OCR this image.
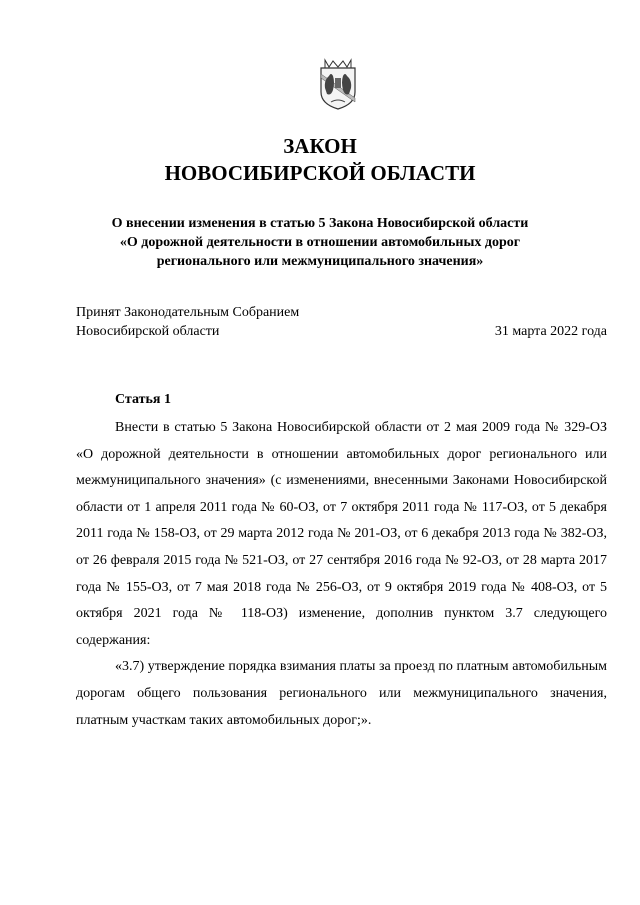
ЗАКОН
НОВОСИБИРСКОЙ ОБЛАСТИ
О внесении изменения в статью 5 Закона Новосибирской области
«О дорожной деятельности в отношении автомобильных дорог
регионального или межмуниципального значения»
Принят Законодательным Собранием
Новосибирской области	31 марта 2022 года
Статья 1

Внести в статью 5 Закона Новосибирской области от 2 мая 2009 года № 329-ОЗ «О дорожной деятельности в отношении автомобильных дорог регионального или межмуниципального значения» (с изменениями, внесенными Законами Новосибирской области от 1 апреля 2011 года № 60-ОЗ, от 7 октября 2011 года № 117-ОЗ, от 5 декабря 2011 года № 158-ОЗ, от 29 марта 2012 года № 201-ОЗ, от 6 декабря 2013 года № 382-ОЗ, от 26 февраля 2015 года № 521-ОЗ, от 27 сентября 2016 года № 92-ОЗ, от 28 марта 2017 года № 155-ОЗ, от 7 мая 2018 года № 256-ОЗ, от 9 октября 2019 года № 408-ОЗ, от 5 октября 2021 года № 118-ОЗ) изменение, дополнив пунктом 3.7 следующего содержания:

«3.7) утверждение порядка взимания платы за проезд по платным автомобильным дорогам общего пользования регионального или межмуниципального значения, платным участкам таких автомобильных дорог;».
